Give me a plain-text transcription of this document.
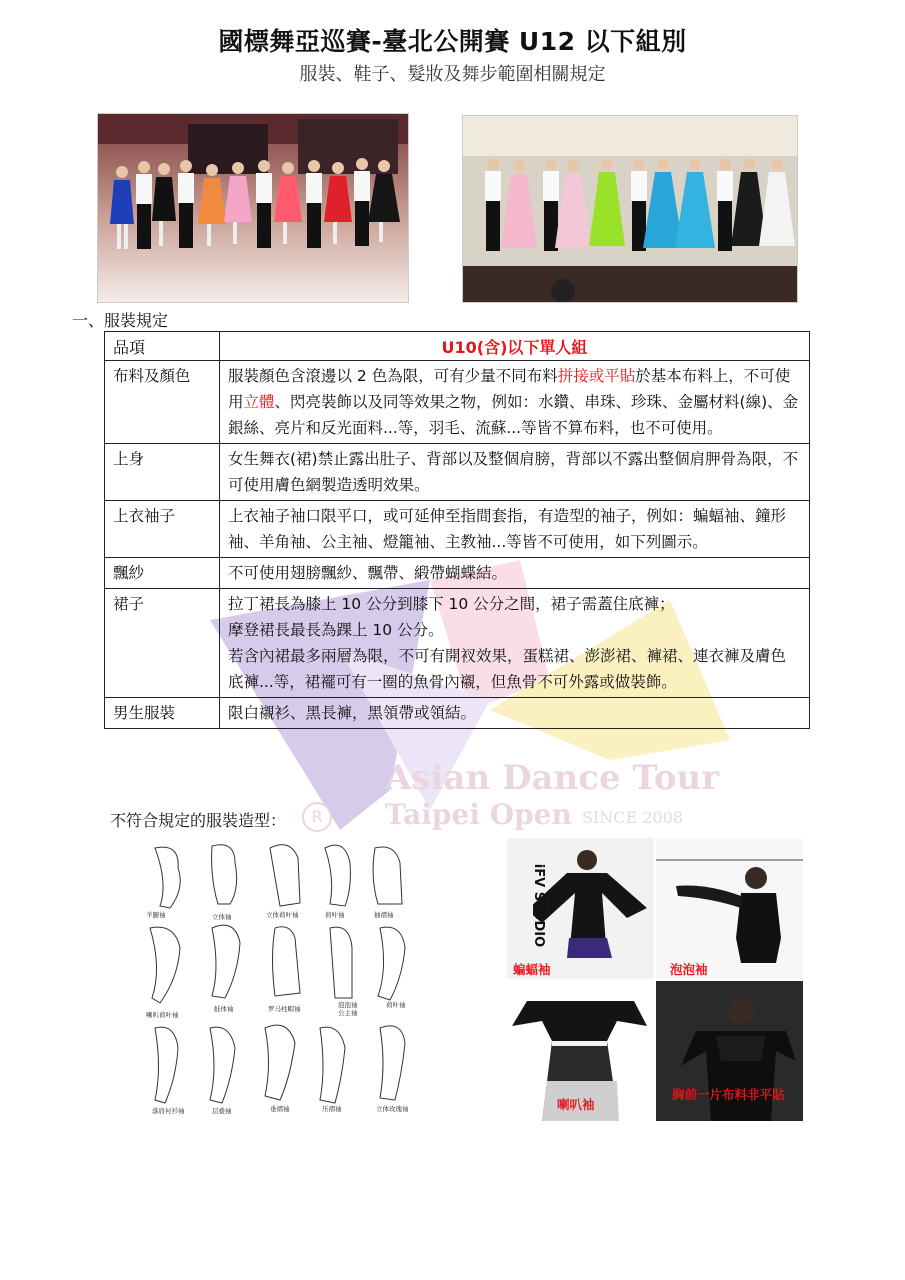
國標舞亞巡賽-臺北公開賽 U12 以下組別
服裝、鞋子、髮妝及舞步範圍相關規定
Asian Dance Tour
Taipei Open SINCE 2008
R
一、服裝規定
品項	U10(含)以下單人組
布料及顏色	服裝顏色含滾邊以 2 色為限，可有少量不同布料拼接或平貼於基本布料上，不可使用立體、閃亮裝飾以及同等效果之物，例如：水鑽、串珠、珍珠、金屬材料(線)、金銀絲、亮片和反光面料...等，羽毛、流蘇...等皆不算布料，也不可使用。
上身	女生舞衣(裙)禁止露出肚子、背部以及整個肩膀，背部以不露出整個肩胛骨為限，不可使用膚色網製造透明效果。
上衣袖子	上衣袖子袖口限平口，或可延伸至指間套指，有造型的袖子，例如：蝙蝠袖、鐘形袖、羊角袖、公主袖、燈籠袖、主教袖...等皆不可使用，如下列圖示。
飄紗	不可使用翅膀飄紗、飄帶、緞帶蝴蝶結。
裙子	拉丁裙長為膝上 10 公分到膝下 10 公分之間，裙子需蓋住底褲；
摩登裙長最長為踝上 10 公分。
若含內裙最多兩層為限，不可有開衩效果，蛋糕裙、澎澎裙、褲裙、連衣褲及膚色底褲...等，裙襬可有一圈的魚骨內襯，但魚骨不可外露或做裝飾。

男生服裝	限白襯衫、黑長褲，黑領帶或領結。
不符合規定的服裝造型：
羊腿袖	立体袖	立体荷叶袖	荷叶袖	抽褶袖
喇叭荷叶袖
蛙体袖	罗马柱帽袖	泡泡袖
公主袖
荷叶袖
落肩衬衫袖	层叠袖	垂褶袖	压褶袖	立体玫瑰袖
iFV STUDIO
蝙蝠袖	泡泡袖
喇叭袖
胸前一片布料非平貼
